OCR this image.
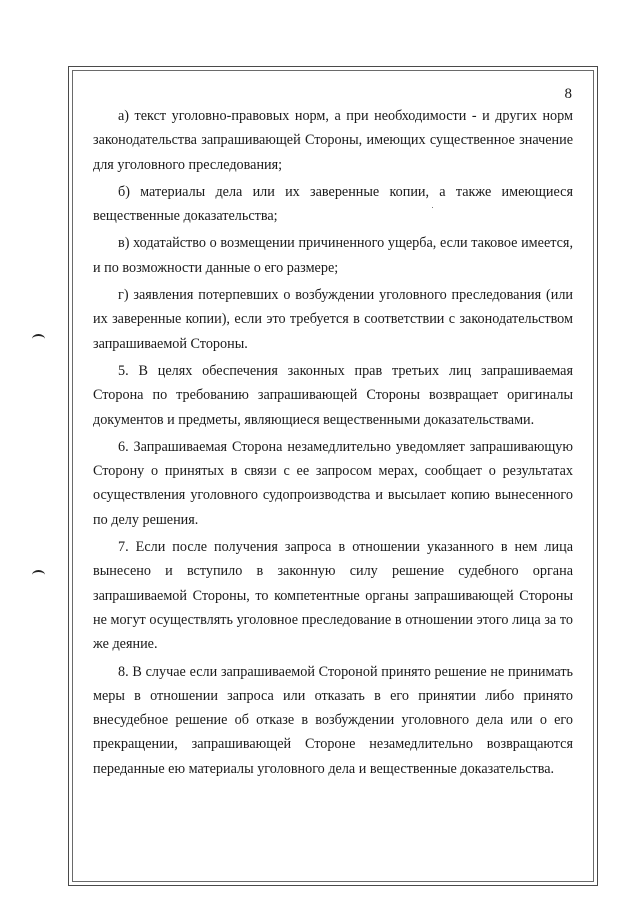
8

а) текст уголовно-правовых норм, а при необходимости - и других норм законодательства запрашивающей Стороны, имеющих существенное значение для уголовного преследования;

б) материалы дела или их заверенные копии, а также имеющиеся вещественные доказательства;

в) ходатайство о возмещении причиненного ущерба, если таковое имеется, и по возможности данные о его размере;

г) заявления потерпевших о возбуждении уголовного преследования (или их заверенные копии), если это требуется в соответствии с законодательством запрашиваемой Стороны.

5. В целях обеспечения законных прав третьих лиц запрашиваемая Сторона по требованию запрашивающей Стороны возвращает оригиналы документов и предметы, являющиеся вещественными доказательствами.

6. Запрашиваемая Сторона незамедлительно уведомляет запрашивающую Сторону о принятых в связи с ее запросом мерах, сообщает о результатах осуществления уголовного судопроизводства и высылает копию вынесенного по делу решения.

7. Если после получения запроса в отношении указанного в нем лица вынесено и вступило в законную силу решение судебного органа запрашиваемой Стороны, то компетентные органы запрашивающей Стороны не могут осуществлять уголовное преследование в отношении этого лица за то же деяние.

8. В случае если запрашиваемой Стороной принято решение не принимать меры в отношении запроса или отказать в его принятии либо принято внесудебное решение об отказе в возбуждении уголовного дела или о его прекращении, запрашивающей Стороне незамедлительно возвращаются переданные ею материалы уголовного дела и вещественные доказательства.
